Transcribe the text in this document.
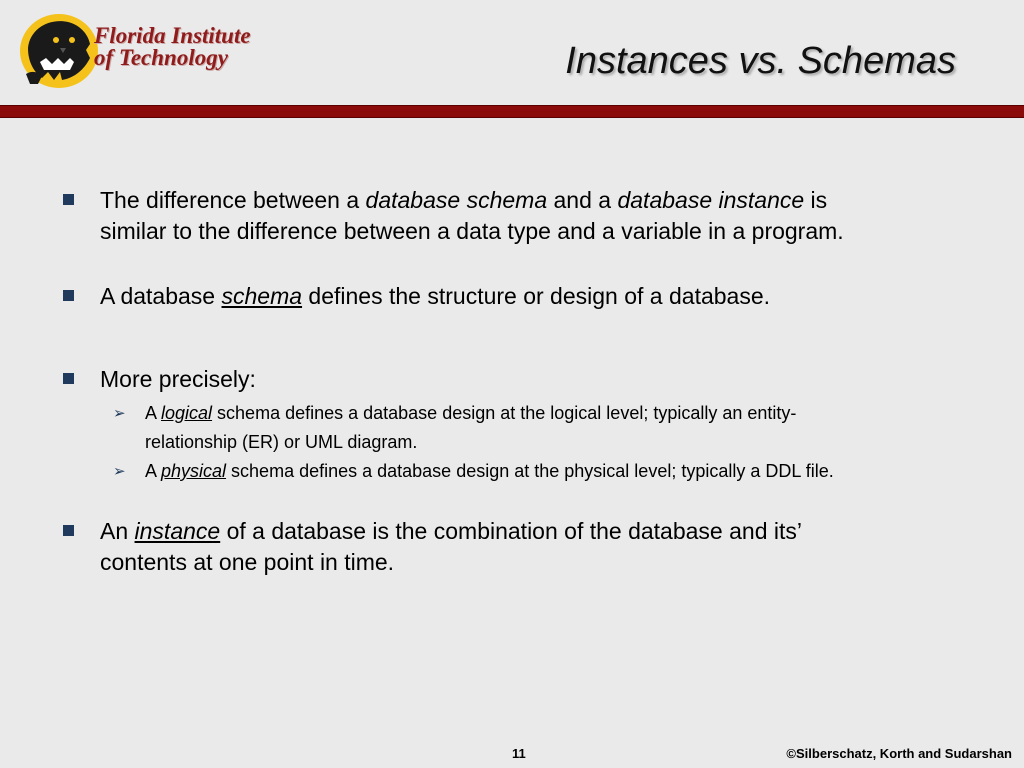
Florida Institute
of Technology	Instances vs. Schemas
The difference between a database schema and a database instance is
similar to the difference between a data type and a variable in a program.
A database schema defines the structure or design of a database.
More precisely:
➢ A logical schema defines a database design at the logical level; typically an entity-
relationship (ER) or UML diagram.
➢ A physical schema defines a database design at the physical level; typically a DDL file.
An instance of a database is the combination of the database and its’
contents at one point in time.
11	©Silberschatz, Korth and Sudarshan
